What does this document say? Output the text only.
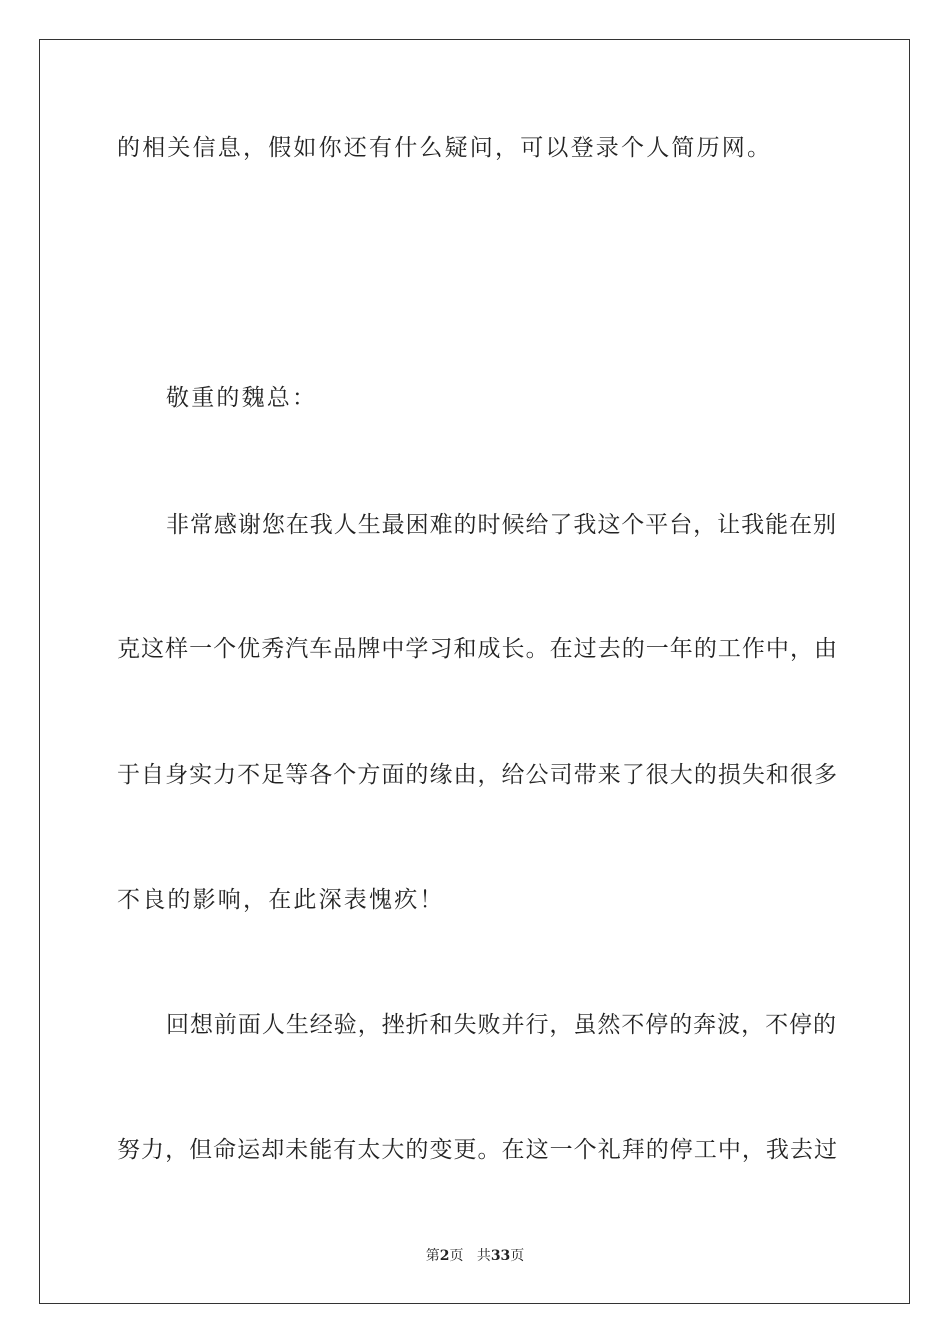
的相关信息，假如你还有什么疑问，可以登录个人简历网。
敬重的魏总：
非常感谢您在我人生最困难的时候给了我这个平台，让我能在别
克这样一个优秀汽车品牌中学习和成长。在过去的一年的工作中，由
于自身实力不足等各个方面的缘由，给公司带来了很大的损失和很多
不良的影响，在此深表愧疚！
回想前面人生经验，挫折和失败并行，虽然不停的奔波，不停的
努力，但命运却未能有太大的变更。在这一个礼拜的停工中，我去过
第2页 共33页
